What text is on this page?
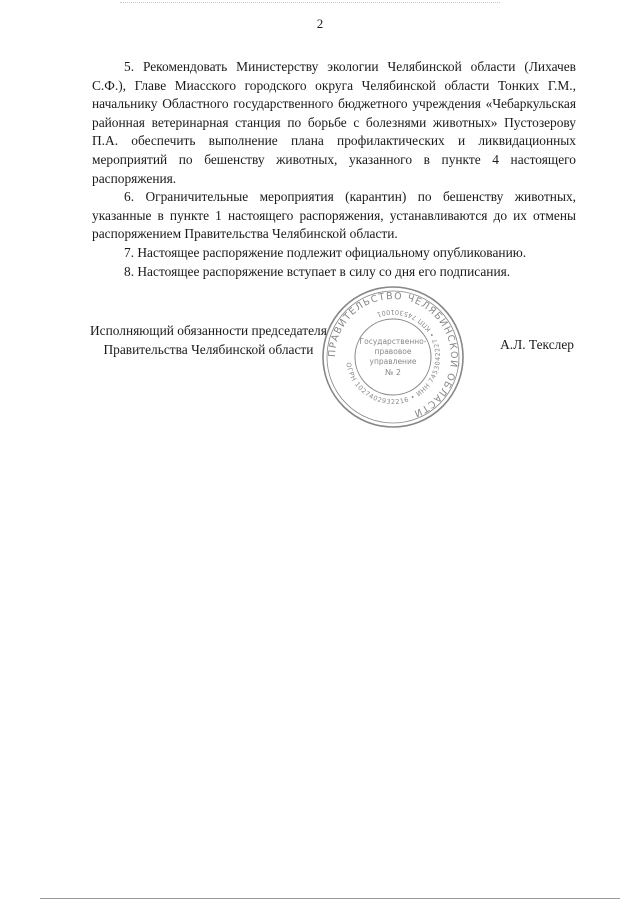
2

5. Рекомендовать Министерству экологии Челябинской области (Лихачев С.Ф.), Главе Миасского городского округа Челябинской области Тонких Г.М., начальнику Областного государственного бюджетного учреждения «Чебаркульская районная ветеринарная станция по борьбе с болезнями животных» Пустозерову П.А. обеспечить выполнение плана профилактических и ликвидационных мероприятий по бешенству животных, указанного в пункте 4 настоящего распоряжения.

6. Ограничительные мероприятия (карантин) по бешенству животных, указанные в пункте 1 настоящего распоряжения, устанавливаются до их отмены распоряжением Правительства Челябинской области.

7. Настоящее распоряжение подлежит официальному опубликованию.

8. Настоящее распоряжение вступает в силу со дня его подписания.

Исполняющий обязанности председателя
Правительства Челябинской области	ПРАВИТЕЛЬСТВО ЧЕЛЯБИНСКОЙ ОБЛАСТИ
ОГРН 1027402932216 • ИНН 7453042227 • КПП 745301001
Государственно-
правовое
управление
№ 2
А.Л. Текслер
